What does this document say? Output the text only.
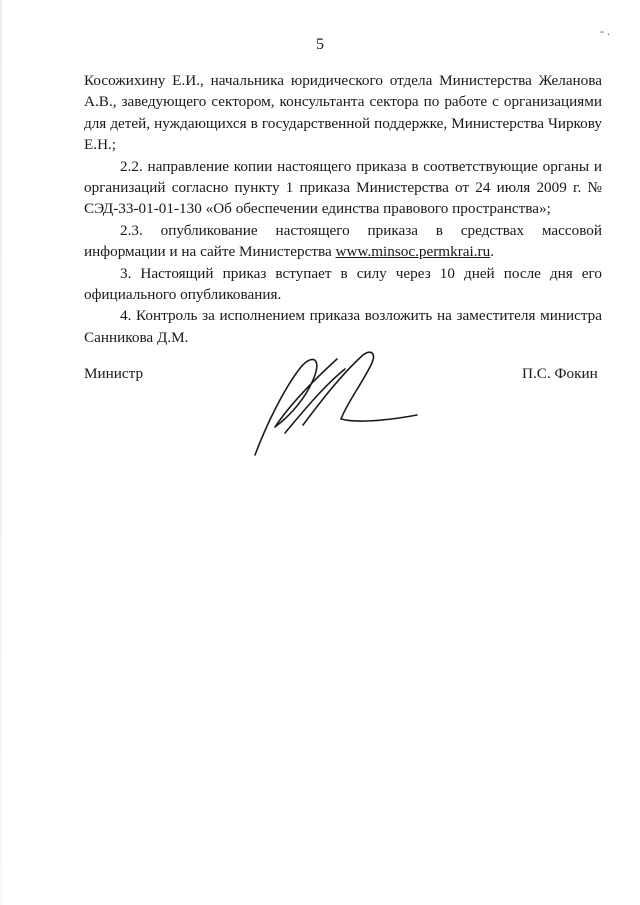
- .
5

Косожихину Е.И., начальника юридического отдела Министерства Желанова А.В., заведующего сектором, консультанта сектора по работе с организациями для детей, нуждающихся в государственной поддержке, Министерства Чиркову Е.Н.;

2.2. направление копии настоящего приказа в соответствующие органы и организаций согласно пункту 1 приказа Министерства от 24 июля 2009 г. № СЭД-33-01-01-130 «Об обеспечении единства правового пространства»;

2.3. опубликование настоящего приказа в средствах массовой информации и на сайте Министерства www.minsoc.permkrai.ru.

3. Настоящий приказ вступает в силу через 10 дней после дня его официального опубликования.

4. Контроль за исполнением приказа возложить на заместителя министра Санникова Д.М.

Министр	П.С. Фокин
